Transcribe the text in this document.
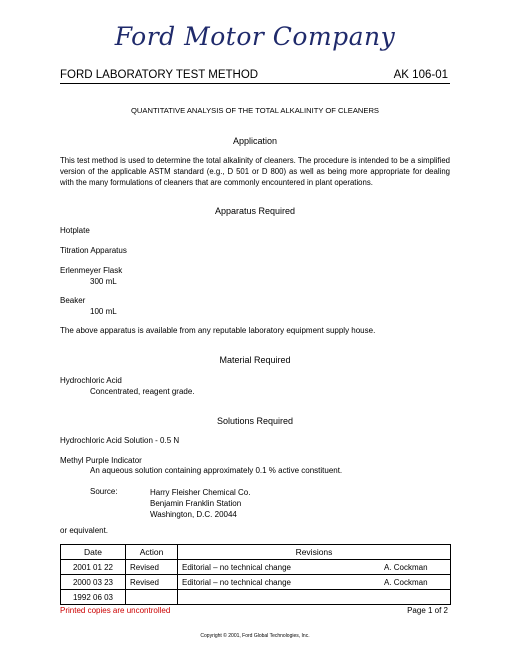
Ford Motor Company
FORD LABORATORY TEST METHOD	AK 106-01
QUANTITATIVE ANALYSIS OF THE TOTAL ALKALINITY OF CLEANERS
Application
This test method is used to determine the total alkalinity of cleaners. The procedure is intended to be a simplified version of the applicable ASTM standard (e.g., D 501 or D 800) as well as being more appropriate for dealing with the many formulations of cleaners that are commonly encountered in plant operations.
Apparatus Required
Hotplate
Titration Apparatus
Erlenmeyer Flask
300 mL
Beaker
100 mL
The above apparatus is available from any reputable laboratory equipment supply house.
Material Required
Hydrochloric Acid
Concentrated, reagent grade.
Solutions Required
Hydrochloric Acid Solution - 0.5 N
Methyl Purple Indicator
An aqueous solution containing approximately 0.1 % active constituent.
Source:	Harry Fleisher Chemical Co.
Benjamin Franklin Station
Washington, D.C. 20044
or equivalent.
Date	Action	Revisions	
2001 01 22	Revised	Editorial – no technical change	A. Cockman
2000 03 23	Revised	Editorial – no technical change	A. Cockman
1992 06 03			
Printed copies are uncontrolled	Page 1 of 2
Copyright © 2001, Ford Global Technologies, Inc.
